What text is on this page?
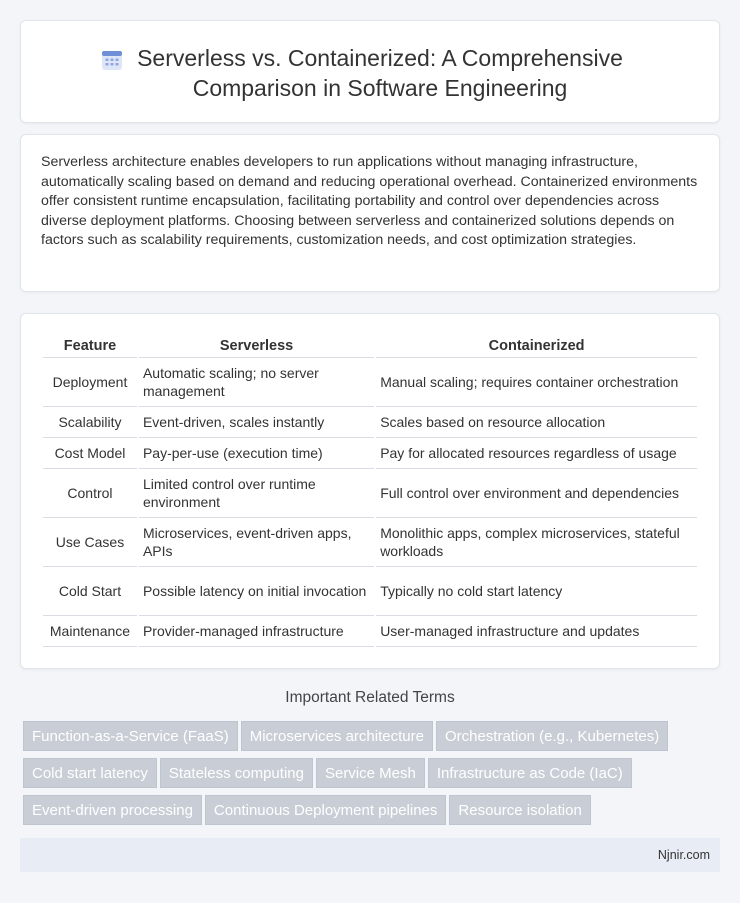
Serverless vs. Containerized: A Comprehensive Comparison in Software Engineering

Serverless architecture enables developers to run applications without managing infrastructure, automatically scaling based on demand and reducing operational overhead. Containerized environments offer consistent runtime encapsulation, facilitating portability and control over dependencies across diverse deployment platforms. Choosing between serverless and containerized solutions depends on factors such as scalability requirements, customization needs, and cost optimization strategies.

Feature	Serverless	Containerized
Deployment	Automatic scaling; no server management	Manual scaling; requires container orchestration
Scalability	Event-driven, scales instantly	Scales based on resource allocation
Cost Model	Pay-per-use (execution time)	Pay for allocated resources regardless of usage
Control	Limited control over runtime environment	Full control over environment and dependencies
Use Cases	Microservices, event-driven apps, APIs	Monolithic apps, complex microservices, stateful workloads
Cold Start	Possible latency on initial invocation	Typically no cold start latency
Maintenance	Provider-managed infrastructure	User-managed infrastructure and updates
Important Related Terms
Function-as-a-Service (FaaS) Microservices architecture Orchestration (e.g., Kubernetes)
Cold start latency Stateless computing Service Mesh Infrastructure as Code (IaC)
Event-driven processing Continuous Deployment pipelines Resource isolation
Njnir.com
